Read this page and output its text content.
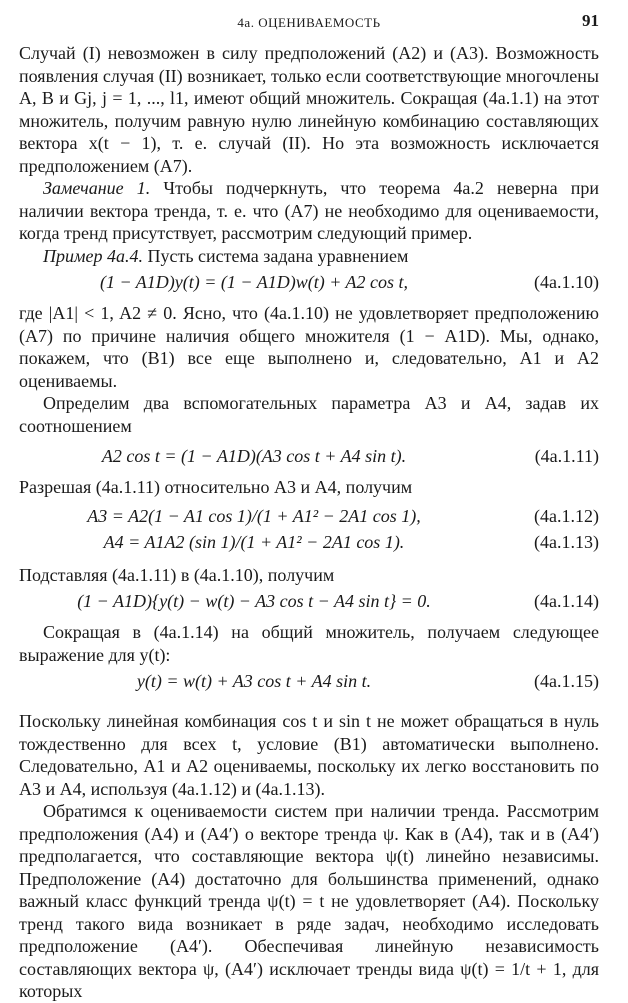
4a. ОЦЕНИВАЕМОСТЬ	91

Случай (I) невозможен в силу предположений (A2) и (A3). Возможность появления случая (II) возникает, только если соответствующие многочлены A, B и Gj, j = 1, ..., l1, имеют общий множитель. Сокращая (4a.1.1) на этот множитель, получим равную нулю линейную комбинацию составляющих вектора x(t − 1), т. е. случай (II). Но эта возможность исключается предположением (A7).

Замечание 1. Чтобы подчеркнуть, что теорема 4a.2 неверна при наличии вектора тренда, т. е. что (A7) не необходимо для оцениваемости, когда тренд присутствует, рассмотрим следующий пример.

Пример 4a.4. Пусть система задана уравнением

(1 − A1D)y(t) = (1 − A1D)w(t) + A2 cos t,	(4a.1.10)

где |A1| < 1, A2 ≠ 0. Ясно, что (4a.1.10) не удовлетворяет предположению (A7) по причине наличия общего множителя (1 − A1D). Мы, однако, покажем, что (B1) все еще выполнено и, следовательно, A1 и A2 оцениваемы.

Определим два вспомогательных параметра A3 и A4, задав их соотношением

A2 cos t = (1 − A1D)(A3 cos t + A4 sin t).	(4a.1.11)

Разрешая (4a.1.11) относительно A3 и A4, получим

A3 = A2(1 − A1 cos 1)/(1 + A1² − 2A1 cos 1),	(4a.1.12)
A4 = A1A2 (sin 1)/(1 + A1² − 2A1 cos 1).	(4a.1.13)

Подставляя (4a.1.11) в (4a.1.10), получим

(1 − A1D){y(t) − w(t) − A3 cos t − A4 sin t} = 0.	(4a.1.14)

Сокращая в (4a.1.14) на общий множитель, получаем следующее выражение для y(t):

y(t) = w(t) + A3 cos t + A4 sin t.	(4a.1.15)

Поскольку линейная комбинация cos t и sin t не может обращаться в нуль тождественно для всех t, условие (B1) автоматически выполнено. Следовательно, A1 и A2 оцениваемы, поскольку их легко восстановить по A3 и A4, используя (4a.1.12) и (4a.1.13).

Обратимся к оцениваемости систем при наличии тренда. Рассмотрим предположения (A4) и (A4′) о векторе тренда ψ. Как в (A4), так и в (A4′) предполагается, что составляющие вектора ψ(t) линейно независимы. Предположение (A4) достаточно для большинства применений, однако важный класс функций тренда ψ(t) = t не удовлетворяет (A4). Поскольку тренд такого вида возникает в ряде задач, необходимо исследовать предположение (A4′). Обеспечивая линейную независимость составляющих вектора ψ, (A4′) исключает тренды вида ψ(t) = 1/t + 1, для которых
